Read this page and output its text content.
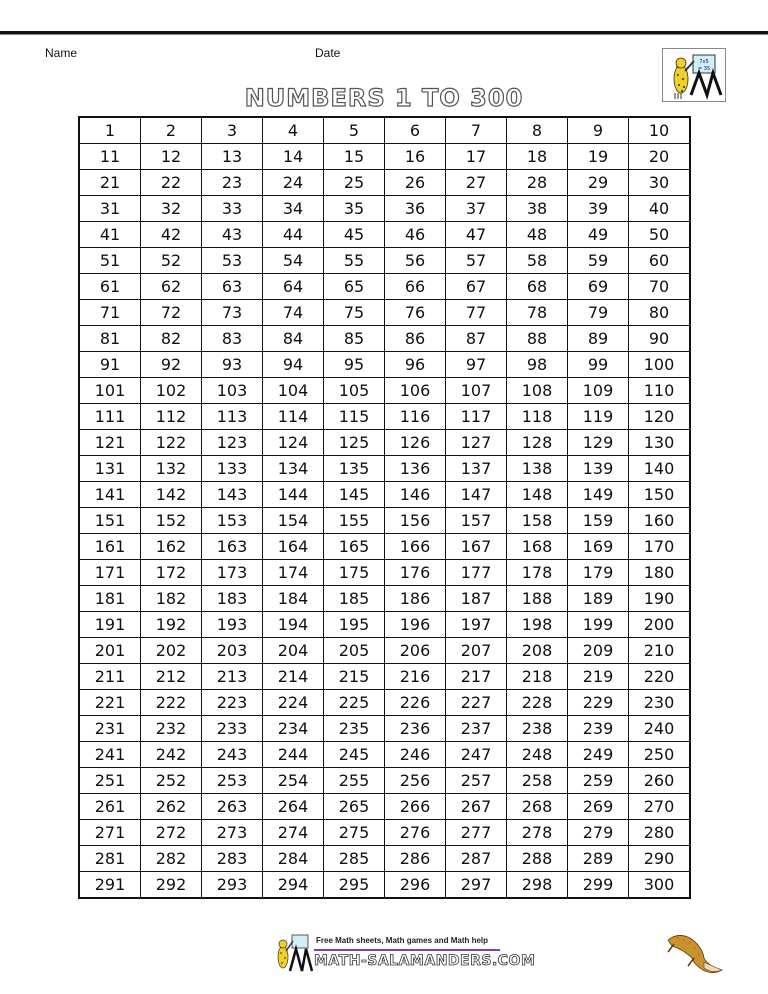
Name	Date
7x5
= 35
NUMBERS 1 TO 300
1	2	3	4	5	6	7	8	9	10
11	12	13	14	15	16	17	18	19	20
21	22	23	24	25	26	27	28	29	30
31	32	33	34	35	36	37	38	39	40
41	42	43	44	45	46	47	48	49	50
51	52	53	54	55	56	57	58	59	60
61	62	63	64	65	66	67	68	69	70
71	72	73	74	75	76	77	78	79	80
81	82	83	84	85	86	87	88	89	90
91	92	93	94	95	96	97	98	99	100
101	102	103	104	105	106	107	108	109	110
111	112	113	114	115	116	117	118	119	120
121	122	123	124	125	126	127	128	129	130
131	132	133	134	135	136	137	138	139	140
141	142	143	144	145	146	147	148	149	150
151	152	153	154	155	156	157	158	159	160
161	162	163	164	165	166	167	168	169	170
171	172	173	174	175	176	177	178	179	180
181	182	183	184	185	186	187	188	189	190
191	192	193	194	195	196	197	198	199	200
201	202	203	204	205	206	207	208	209	210
211	212	213	214	215	216	217	218	219	220
221	222	223	224	225	226	227	228	229	230
231	232	233	234	235	236	237	238	239	240
241	242	243	244	245	246	247	248	249	250
251	252	253	254	255	256	257	258	259	260
261	262	263	264	265	266	267	268	269	270
271	272	273	274	275	276	277	278	279	280
281	282	283	284	285	286	287	288	289	290
291	292	293	294	295	296	297	298	299	300
Free Math sheets, Math games and Math help
MATH-SALAMANDERS.COM
